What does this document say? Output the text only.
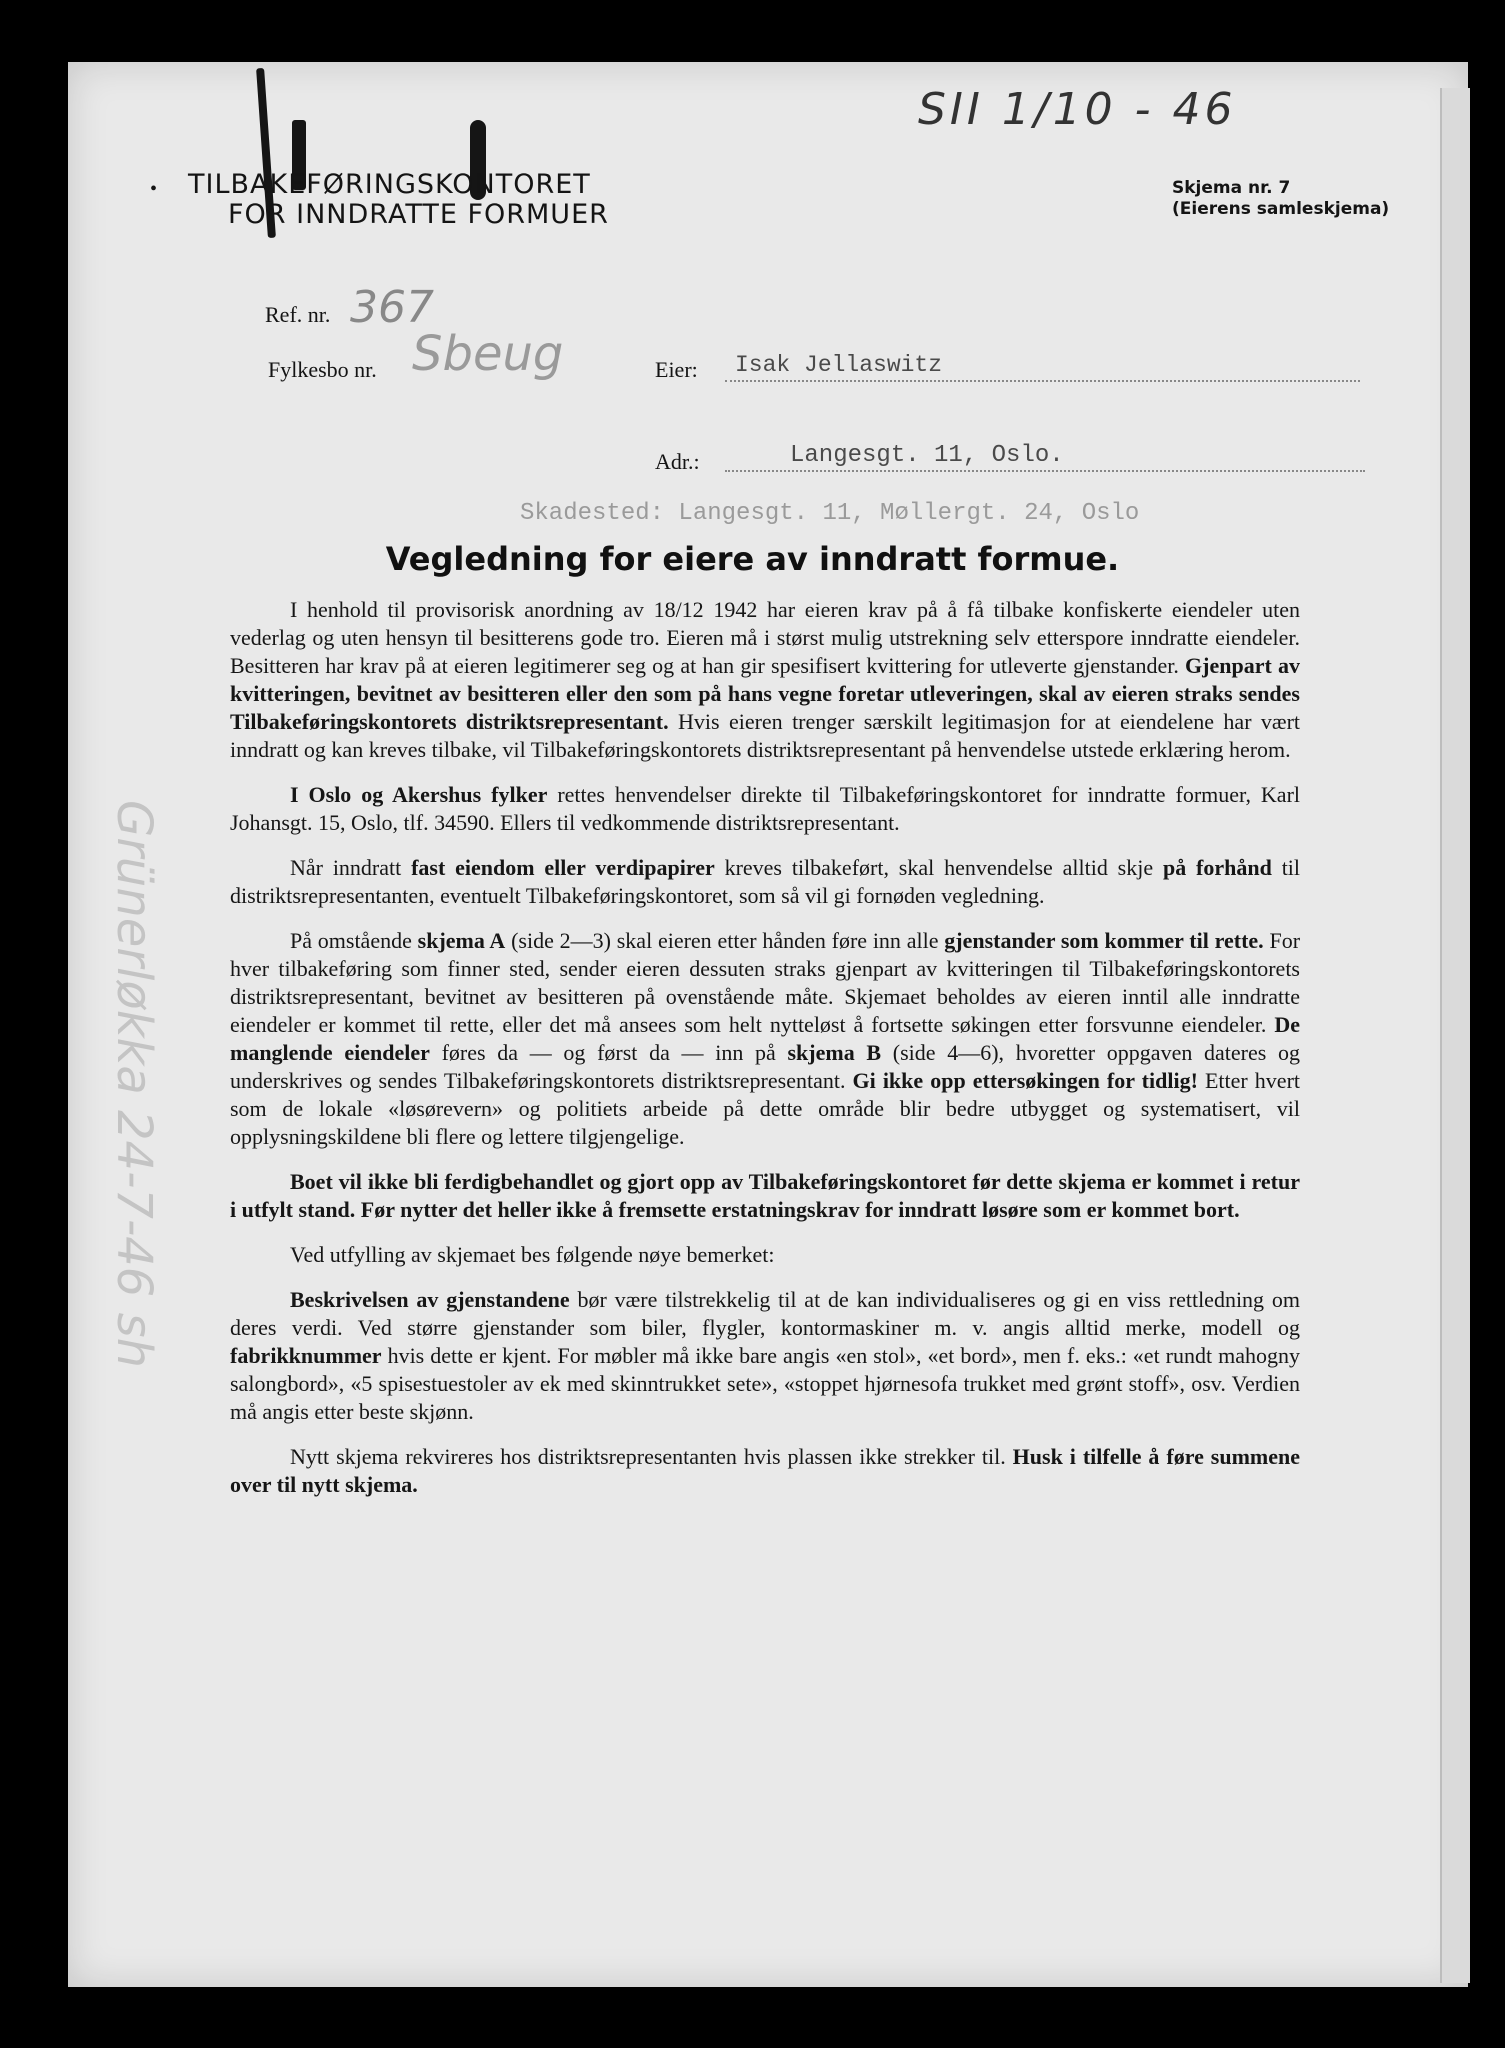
SII 1/10 - 46
• TILBAKEFØRINGSKONTORET
FOR INNDRATTE FORMUER
Skjema nr. 7
(Eierens samleskjema)
Ref. nr. 367
Fylkesbo nr. Sbeug	Eier: Isak Jellaswitz
Adr.:	Langesgt. 11, Oslo.
Skadested: Langesgt. 11, Møllergt. 24, Oslo
Vegledning for eiere av inndratt formue.
Grünerløkka 24-7-46 sh

I henhold til provisorisk anordning av 18/12 1942 har eieren krav på å få tilbake konfiskerte eiendeler uten vederlag og uten hensyn til besitterens gode tro. Eieren må i størst mulig utstrekning selv etterspore inndratte eiendeler. Besitteren har krav på at eieren legitimerer seg og at han gir spesifisert kvittering for utleverte gjenstander. Gjenpart av kvitteringen, bevitnet av besitteren eller den som på hans vegne foretar utleveringen, skal av eieren straks sendes Tilbakeføringskontorets distriktsrepresentant. Hvis eieren trenger særskilt legitimasjon for at eiendelene har vært inndratt og kan kreves tilbake, vil Tilbakeføringskontorets distriktsrepresentant på henvendelse utstede erklæring herom.

I Oslo og Akershus fylker rettes henvendelser direkte til Tilbakeføringskontoret for inndratte formuer, Karl Johansgt. 15, Oslo, tlf. 34590. Ellers til vedkommende distriktsrepresentant.

Når inndratt fast eiendom eller verdipapirer kreves tilbakeført, skal henvendelse alltid skje på forhånd til distriktsrepresentanten, eventuelt Tilbakeføringskontoret, som så vil gi fornøden vegledning.

På omstående skjema A (side 2—3) skal eieren etter hånden føre inn alle gjenstander som kommer til rette. For hver tilbakeføring som finner sted, sender eieren dessuten straks gjenpart av kvitteringen til Tilbakeføringskontorets distriktsrepresentant, bevitnet av besitteren på ovenstående måte. Skjemaet beholdes av eieren inntil alle inndratte eiendeler er kommet til rette, eller det må ansees som helt nytteløst å fortsette søkingen etter forsvunne eiendeler. De manglende eiendeler føres da — og først da — inn på skjema B (side 4—6), hvoretter oppgaven dateres og underskrives og sendes Tilbakeføringskontorets distriktsrepresentant. Gi ikke opp ettersøkingen for tidlig! Etter hvert som de lokale «løsørevern» og politiets arbeide på dette område blir bedre utbygget og systematisert, vil opplysningskildene bli flere og lettere tilgjengelige.

Boet vil ikke bli ferdigbehandlet og gjort opp av Tilbakeføringskontoret før dette skjema er kommet i retur i utfylt stand. Før nytter det heller ikke å fremsette erstatningskrav for inndratt løsøre som er kommet bort.

Ved utfylling av skjemaet bes følgende nøye bemerket:

Beskrivelsen av gjenstandene bør være tilstrekkelig til at de kan individualiseres og gi en viss rettledning om deres verdi. Ved større gjenstander som biler, flygler, kontormaskiner m. v. angis alltid merke, modell og fabrikknummer hvis dette er kjent. For møbler må ikke bare angis «en stol», «et bord», men f. eks.: «et rundt mahogny salongbord», «5 spisestuestoler av ek med skinntrukket sete», «stoppet hjørnesofa trukket med grønt stoff», osv. Verdien må angis etter beste skjønn.

Nytt skjema rekvireres hos distriktsrepresentanten hvis plassen ikke strekker til. Husk i tilfelle å føre summene over til nytt skjema.
